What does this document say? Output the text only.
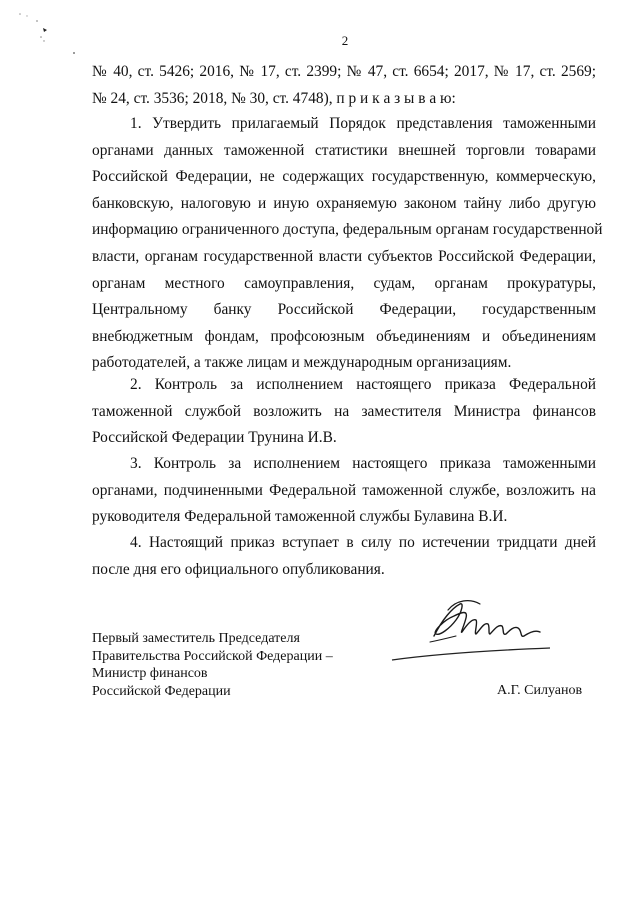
2
№ 40, ст. 5426; 2016, № 17, ст. 2399; № 47, ст. 6654; 2017, № 17, ст. 2569;
№ 24, ст. 3536; 2018, № 30, ст. 4748), п р и к а з ы в а ю:
1. Утвердить прилагаемый Порядок представления таможенными
органами данных таможенной статистики внешней торговли товарами
Российской Федерации, не содержащих государственную, коммерческую,
банковскую, налоговую и иную охраняемую законом тайну либо другую
информацию ограниченного доступа, федеральным органам государственной
власти, органам государственной власти субъектов Российской Федерации,
органам местного самоуправления, судам, органам прокуратуры,
Центральному банку Российской Федерации, государственным
внебюджетным фондам, профсоюзным объединениям и объединениям
работодателей, а также лицам и международным организациям.
2. Контроль за исполнением настоящего приказа Федеральной
таможенной службой возложить на заместителя Министра финансов
Российской Федерации Трунина И.В.
3. Контроль за исполнением настоящего приказа таможенными
органами, подчиненными Федеральной таможенной службе, возложить на
руководителя Федеральной таможенной службы Булавина В.И.
4. Настоящий приказ вступает в силу по истечении тридцати дней
после дня его официального опубликования.
Первый заместитель Председателя
Правительства Российской Федерации –
Министр финансов
Российской Федерации	А.Г. Силуанов
